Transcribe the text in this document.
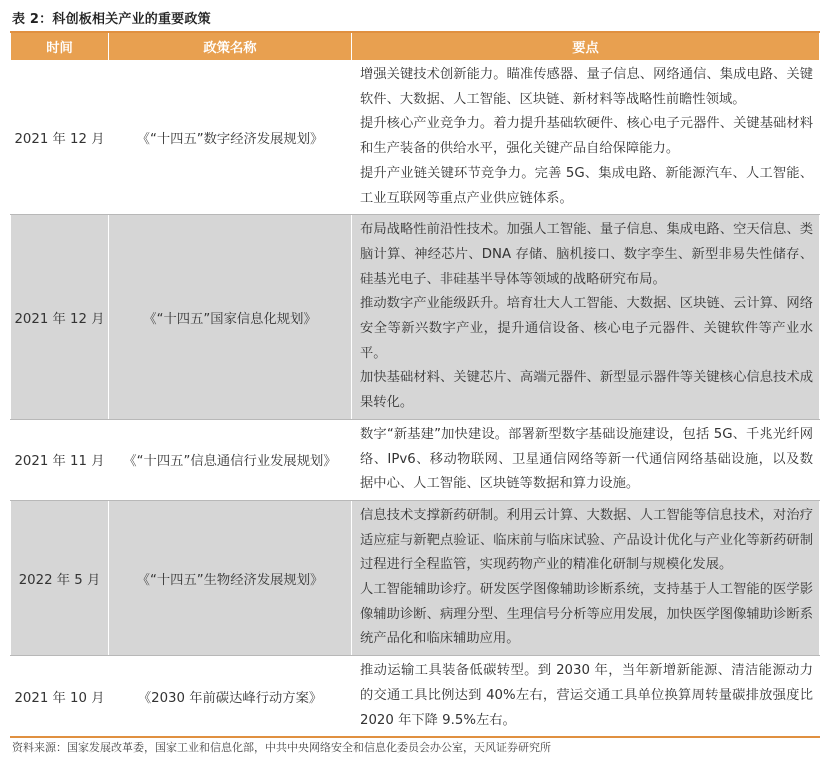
表 2：科创板相关产业的重要政策
时间	政策名称	要点
2021 年 12 月	《“十四五”数字经济发展规划》	增强关键技术创新能力。瞄准传感器、量子信息、网络通信、集成电路、关键软件、大数据、人工智能、区块链、新材料等战略性前瞻性领域。
提升核心产业竞争力。着力提升基础软硬件、核心电子元器件、关键基础材料和生产装备的供给水平，强化关键产品自给保障能力。
提升产业链关键环节竞争力。完善 5G、集成电路、新能源汽车、人工智能、工业互联网等重点产业供应链体系。

2021 年 12 月	《“十四五”国家信息化规划》	布局战略性前沿性技术。加强人工智能、量子信息、集成电路、空天信息、类脑计算、神经芯片、DNA 存储、脑机接口、数字孪生、新型非易失性储存、硅基光电子、非硅基半导体等领域的战略研究布局。
推动数字产业能级跃升。培育壮大人工智能、大数据、区块链、云计算、网络安全等新兴数字产业，提升通信设备、核心电子元器件、关键软件等产业水平。
加快基础材料、关键芯片、高端元器件、新型显示器件等关键核心信息技术成果转化。

2021 年 11 月	《“十四五”信息通信行业发展规划》	数字“新基建”加快建设。部署新型数字基础设施建设，包括 5G、千兆光纤网络、IPv6、移动物联网、卫星通信网络等新一代通信网络基础设施，以及数据中心、人工智能、区块链等数据和算力设施。

2022 年 5 月	《“十四五”生物经济发展规划》	信息技术支撑新药研制。利用云计算、大数据、人工智能等信息技术，对治疗适应症与新靶点验证、临床前与临床试验、产品设计优化与产业化等新药研制过程进行全程监管，实现药物产业的精准化研制与规模化发展。
人工智能辅助诊疗。研发医学图像辅助诊断系统，支持基于人工智能的医学影像辅助诊断、病理分型、生理信号分析等应用发展，加快医学图像辅助诊断系统产品化和临床辅助应用。

2021 年 10 月	《2030 年前碳达峰行动方案》	推动运输工具装备低碳转型。到 2030 年，当年新增新能源、清洁能源动力的交通工具比例达到 40%左右，营运交通工具单位换算周转量碳排放强度比 2020 年下降 9.5%左右。
资料来源：国家发展改革委，国家工业和信息化部，中共中央网络安全和信息化委员会办公室，天风证券研究所
